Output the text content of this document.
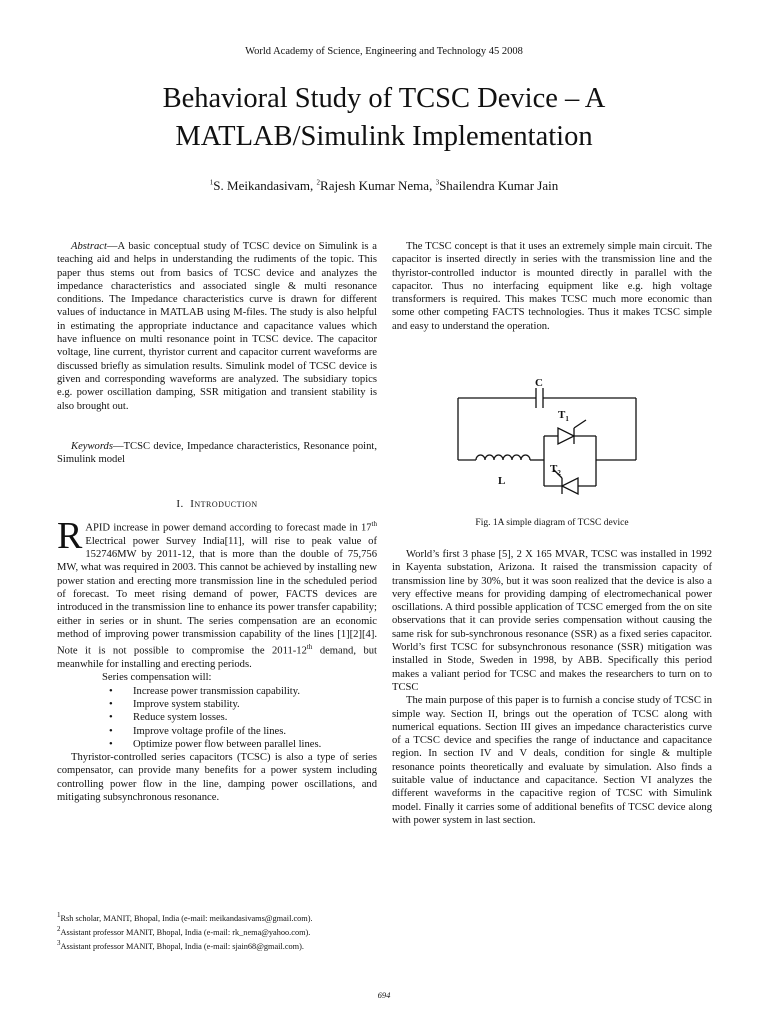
World Academy of Science, Engineering and Technology 45 2008
Behavioral Study of TCSC Device – A
MATLAB/Simulink Implementation
$^1$S. Meikandasivam, $^2$Rajesh Kumar Nema, $^3$Shailendra Kumar Jain

Abstract—A basic conceptual study of TCSC device on Simulink is a teaching aid and helps in understanding the rudiments of the topic. This paper thus stems out from basics of TCSC device and analyzes the impedance characteristics and associated single & multi resonance conditions. The Impedance characteristics curve is drawn for different values of inductance in MATLAB using M-files. The study is also helpful in estimating the appropriate inductance and capacitance values which have influence on multi resonance point in TCSC device. The capacitor voltage, line current, thyristor current and capacitor current waveforms are discussed briefly as simulation results. Simulink model of TCSC device is given and corresponding waveforms are analyzed. The subsidiary topics e.g. power oscillation damping, SSR mitigation and transient stability is also brought out.

Keywords—TCSC device, Impedance characteristics, Resonance point, Simulink model

I. Introduction

RAPID increase in power demand according to forecast made in 17th Electrical power Survey India[11], will rise to peak value of 152746MW by 2011-12, that is more than the double of 75,756 MW, what was required in 2003. This cannot be achieved by installing new power station and erecting more transmission line in the scheduled period of forecast. To meet rising demand of power, FACTS devices are introduced in the transmission line to enhance its power transfer capability; either in series or in shunt. The series compensation are an economic method of improving power transmission capability of the lines [1][2][4]. Note it is not possible to compromise the 2011-12th demand, but meanwhile for installing and erecting periods.

Series compensation will:

• Increase power transmission capability.
• Improve system stability.
• Reduce system losses.
• Improve voltage profile of the lines.
• Optimize power flow between parallel lines.

Thyristor-controlled series capacitors (TCSC) is also a type of series compensator, can provide many benefits for a power system including controlling power flow in the line, damping power oscillations, and mitigating subsynchronous resonance.

$^1$Rsh scholar, MANIT, Bhopal, India (e-mail: meikandasivams@gmail.com).
$^2$Assistant professor MANIT, Bhopal, India (e-mail: rk_nema@yahoo.com).
$^3$Assistant professor MANIT, Bhopal, India (e-mail: sjain68@gmail.com).

The TCSC concept is that it uses an extremely simple main circuit. The capacitor is inserted directly in series with the transmission line and the thyristor-controlled inductor is mounted directly in parallel with the capacitor. Thus no interfacing equipment like e.g. high voltage transformers is required. This makes TCSC much more economic than some other competing FACTS technologies. Thus it makes TCSC simple and easy to understand the operation.

C
$T_1$
$T_2$
L
Fig. 1A simple diagram of TCSC device

World’s first 3 phase [5], 2 X 165 MVAR, TCSC was installed in 1992 in Kayenta substation, Arizona. It raised the transmission capacity of transmission line by 30%, but it was soon realized that the device is also a very effective means for providing damping of electromechanical power oscillations. A third possible application of TCSC emerged from the on site observations that it can provide series compensation without causing the same risk for sub-synchronous resonance (SSR) as a fixed series capacitor. World’s first TCSC for subsynchronous resonance (SSR) mitigation was installed in Stode, Sweden in 1998, by ABB. Specifically this period makes a valiant period for TCSC and makes the researchers to turn on to TCSC

The main purpose of this paper is to furnish a concise study of TCSC in simple way. Section II, brings out the operation of TCSC along with numerical equations. Section III gives an impedance characteristics curve of a TCSC device and specifies the range of inductance and capacitance region. In section IV and V deals, condition for single & multiple resonance points theoretically and evaluate by simulation. Also finds a suitable value of inductance and capacitance. Section VI analyzes the different waveforms in the capacitive region of TCSC with Simulink model. Finally it carries some of additional benefits of TCSC device along with power system in last section.

694
